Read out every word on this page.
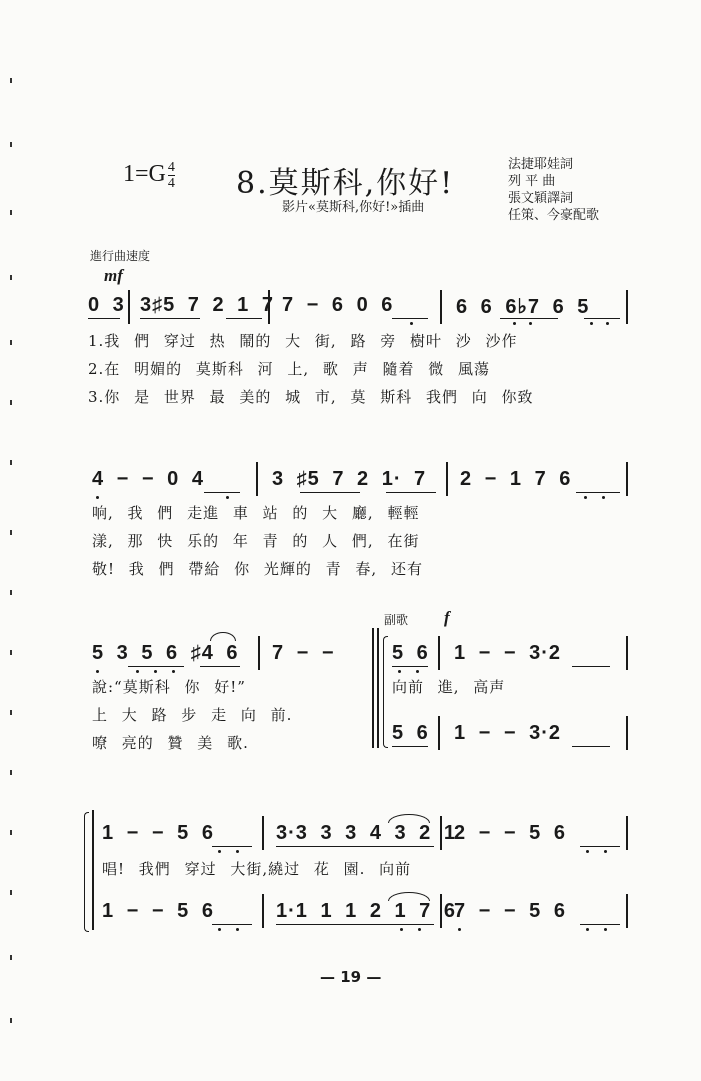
$1=G \frac{4}{4} 8$.莫斯科,你好!
影片«莫斯科,你好!»插曲
法捷耶娃詞
列 平 曲
張文穎譯詞
任策、今豪配歌
進行曲速度
mf
0 3 3♯5 7 2 1 7 7 − 6 0 6	6 6 6♭7 6 5
1.我 們 穿过 热 鬧的 大 街, 路 旁 樹叶 沙 沙作
2.在 明媚的 莫斯科 河 上, 歌 声 隨着 微 風蕩
3.你 是 世界 最 美的 城 市, 莫 斯科 我們 向 你致
4 − − 0 4	3 ♯5 7 2 1· 7 2 − 1 7 6
响, 我 們 走進 車 站 的 大 廳, 輕輕
漾, 那 快 乐的 年 青 的 人 們, 在街
敬! 我 們 帶給 你 光輝的 青 春, 还有
副歌 f
5 3 5 6 ♯4 6 7 − −	5 6 1 − − 3·2
說:“莫斯科 你 好!”
上 大 路 步 走 向 前.
嘹 亮的 贊 美 歌.
向前 進, 高声
5 6 1 − − 3·2
1 − − 5 6	3·3 3 3 4 3 2 1
2 − − 5 6
唱! 我們 穿过 大街,繞过 花 園. 向前
1 − − 5 6	1·1 1 1 2 1 7 6
7 − − 5 6
— 19 —
